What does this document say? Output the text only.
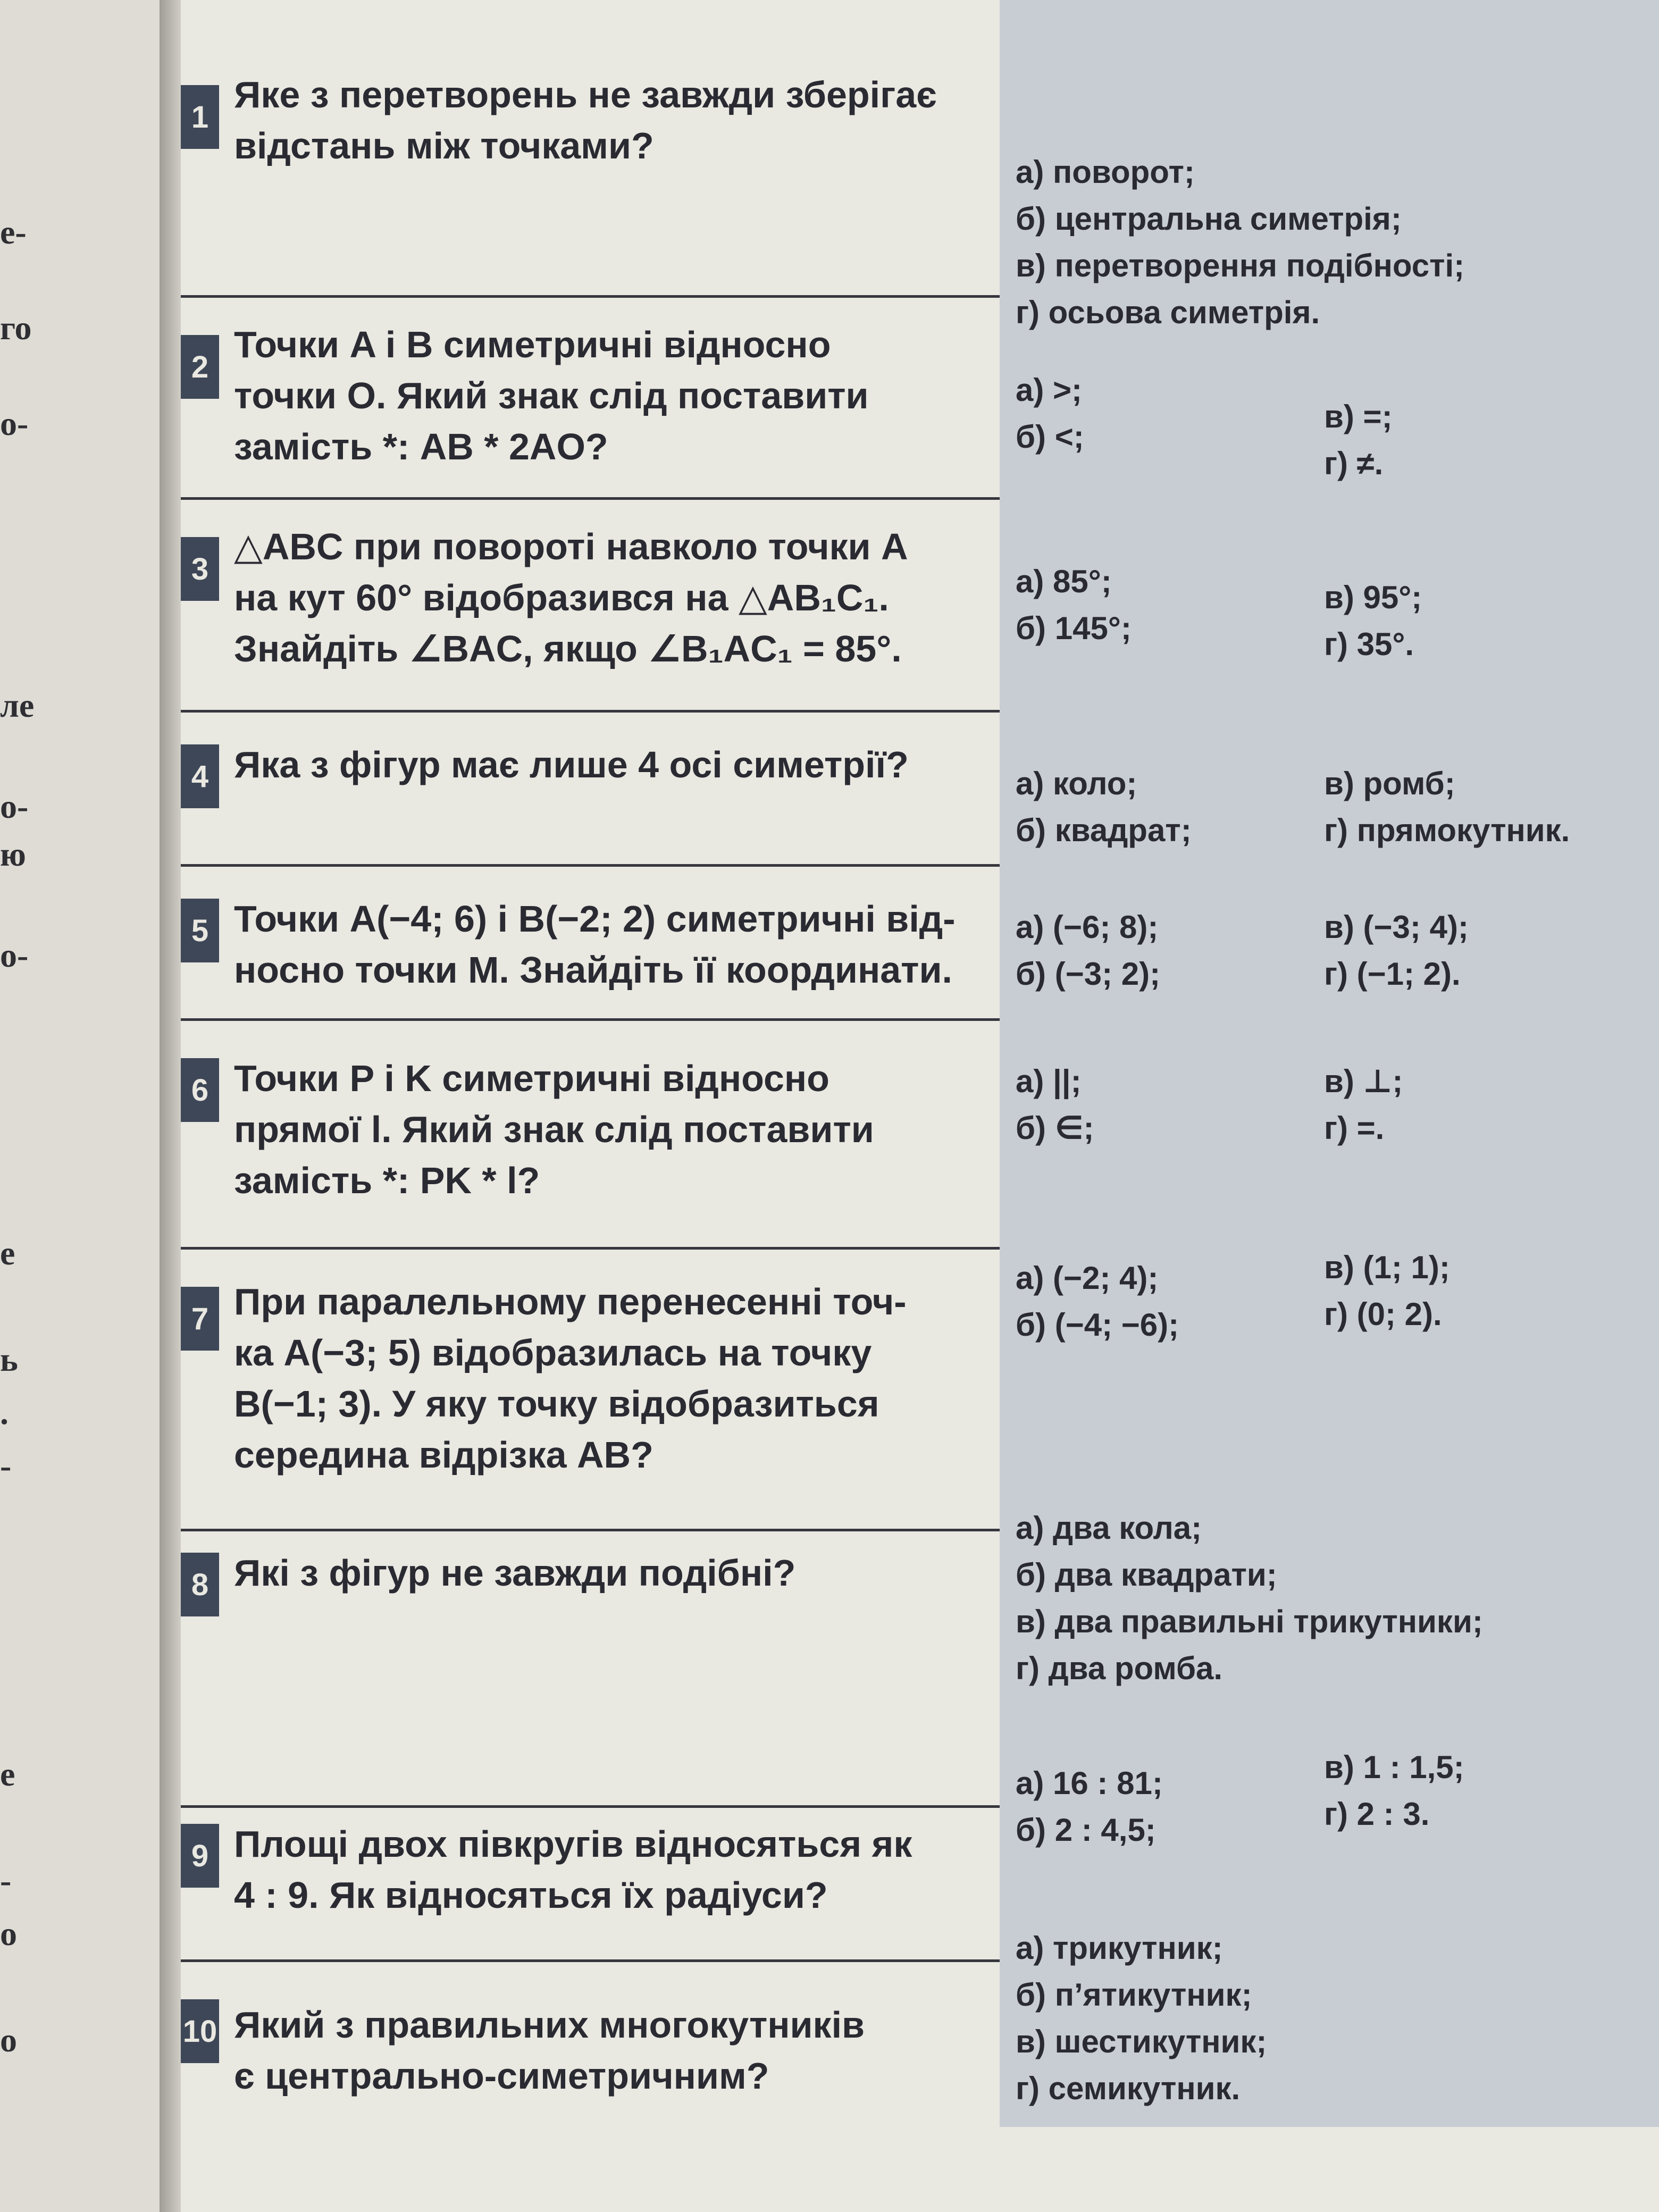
е-
го
о-
ле
о-
ю
о-
е
ь
.
-
е
-
о
о
1
Яке з перетворень не завжди зберігає
відстань між точками?
а) поворот;
б) центральна симетрія;
в) перетворення подібності;
г) осьова симетрія.
2
Точки A і B симетричні відносно
точки O. Який знак слід поставити
замість *: AB * 2AO?
а) >;
б) <;
в) =;
г) ≠.
3
△ABC при повороті навколо точки A
на кут 60° відобразився на △AB₁C₁.
Знайдіть ∠BAC, якщо ∠B₁AC₁ = 85°.
а) 85°;
б) 145°;
в) 95°;
г) 35°.
4 Яка з фігур має лише 4 осі симетрії?	а) коло;
б) квадрат;
в) ромб;
г) прямокутник.
5 Точки A(−4; 6) і B(−2; 2) симетричні від-
носно точки M. Знайдіть її координати.
а) (−6; 8);
б) (−3; 2);
в) (−3; 4);
г) (−1; 2).
6 Точки P і K симетричні відносно
прямої l. Який знак слід поставити
замість *: PK * l?
а) ||;
б) ∈;
в) ⊥;
г) =.
7 При паралельному перенесенні точ-
ка A(−3; 5) відобразилась на точку
B(−1; 3). У яку точку відобразиться
середина відрізка AB?
а) (−2; 4);
б) (−4; −6);
в) (1; 1);
г) (0; 2).
8 Які з фігур не завжди подібні?
а) два кола;
б) два квадрати;
в) два правильні трикутники;
г) два ромба.
9 Площі двох півкругів відносяться як
4 : 9. Як відносяться їх радіуси?
а) 16 : 81;
б) 2 : 4,5;
в) 1 : 1,5;
г) 2 : 3.
10 Який з правильних многокутників
є центрально-симетричним?
а) трикутник;
б) п’ятикутник;
в) шестикутник;
г) семикутник.
